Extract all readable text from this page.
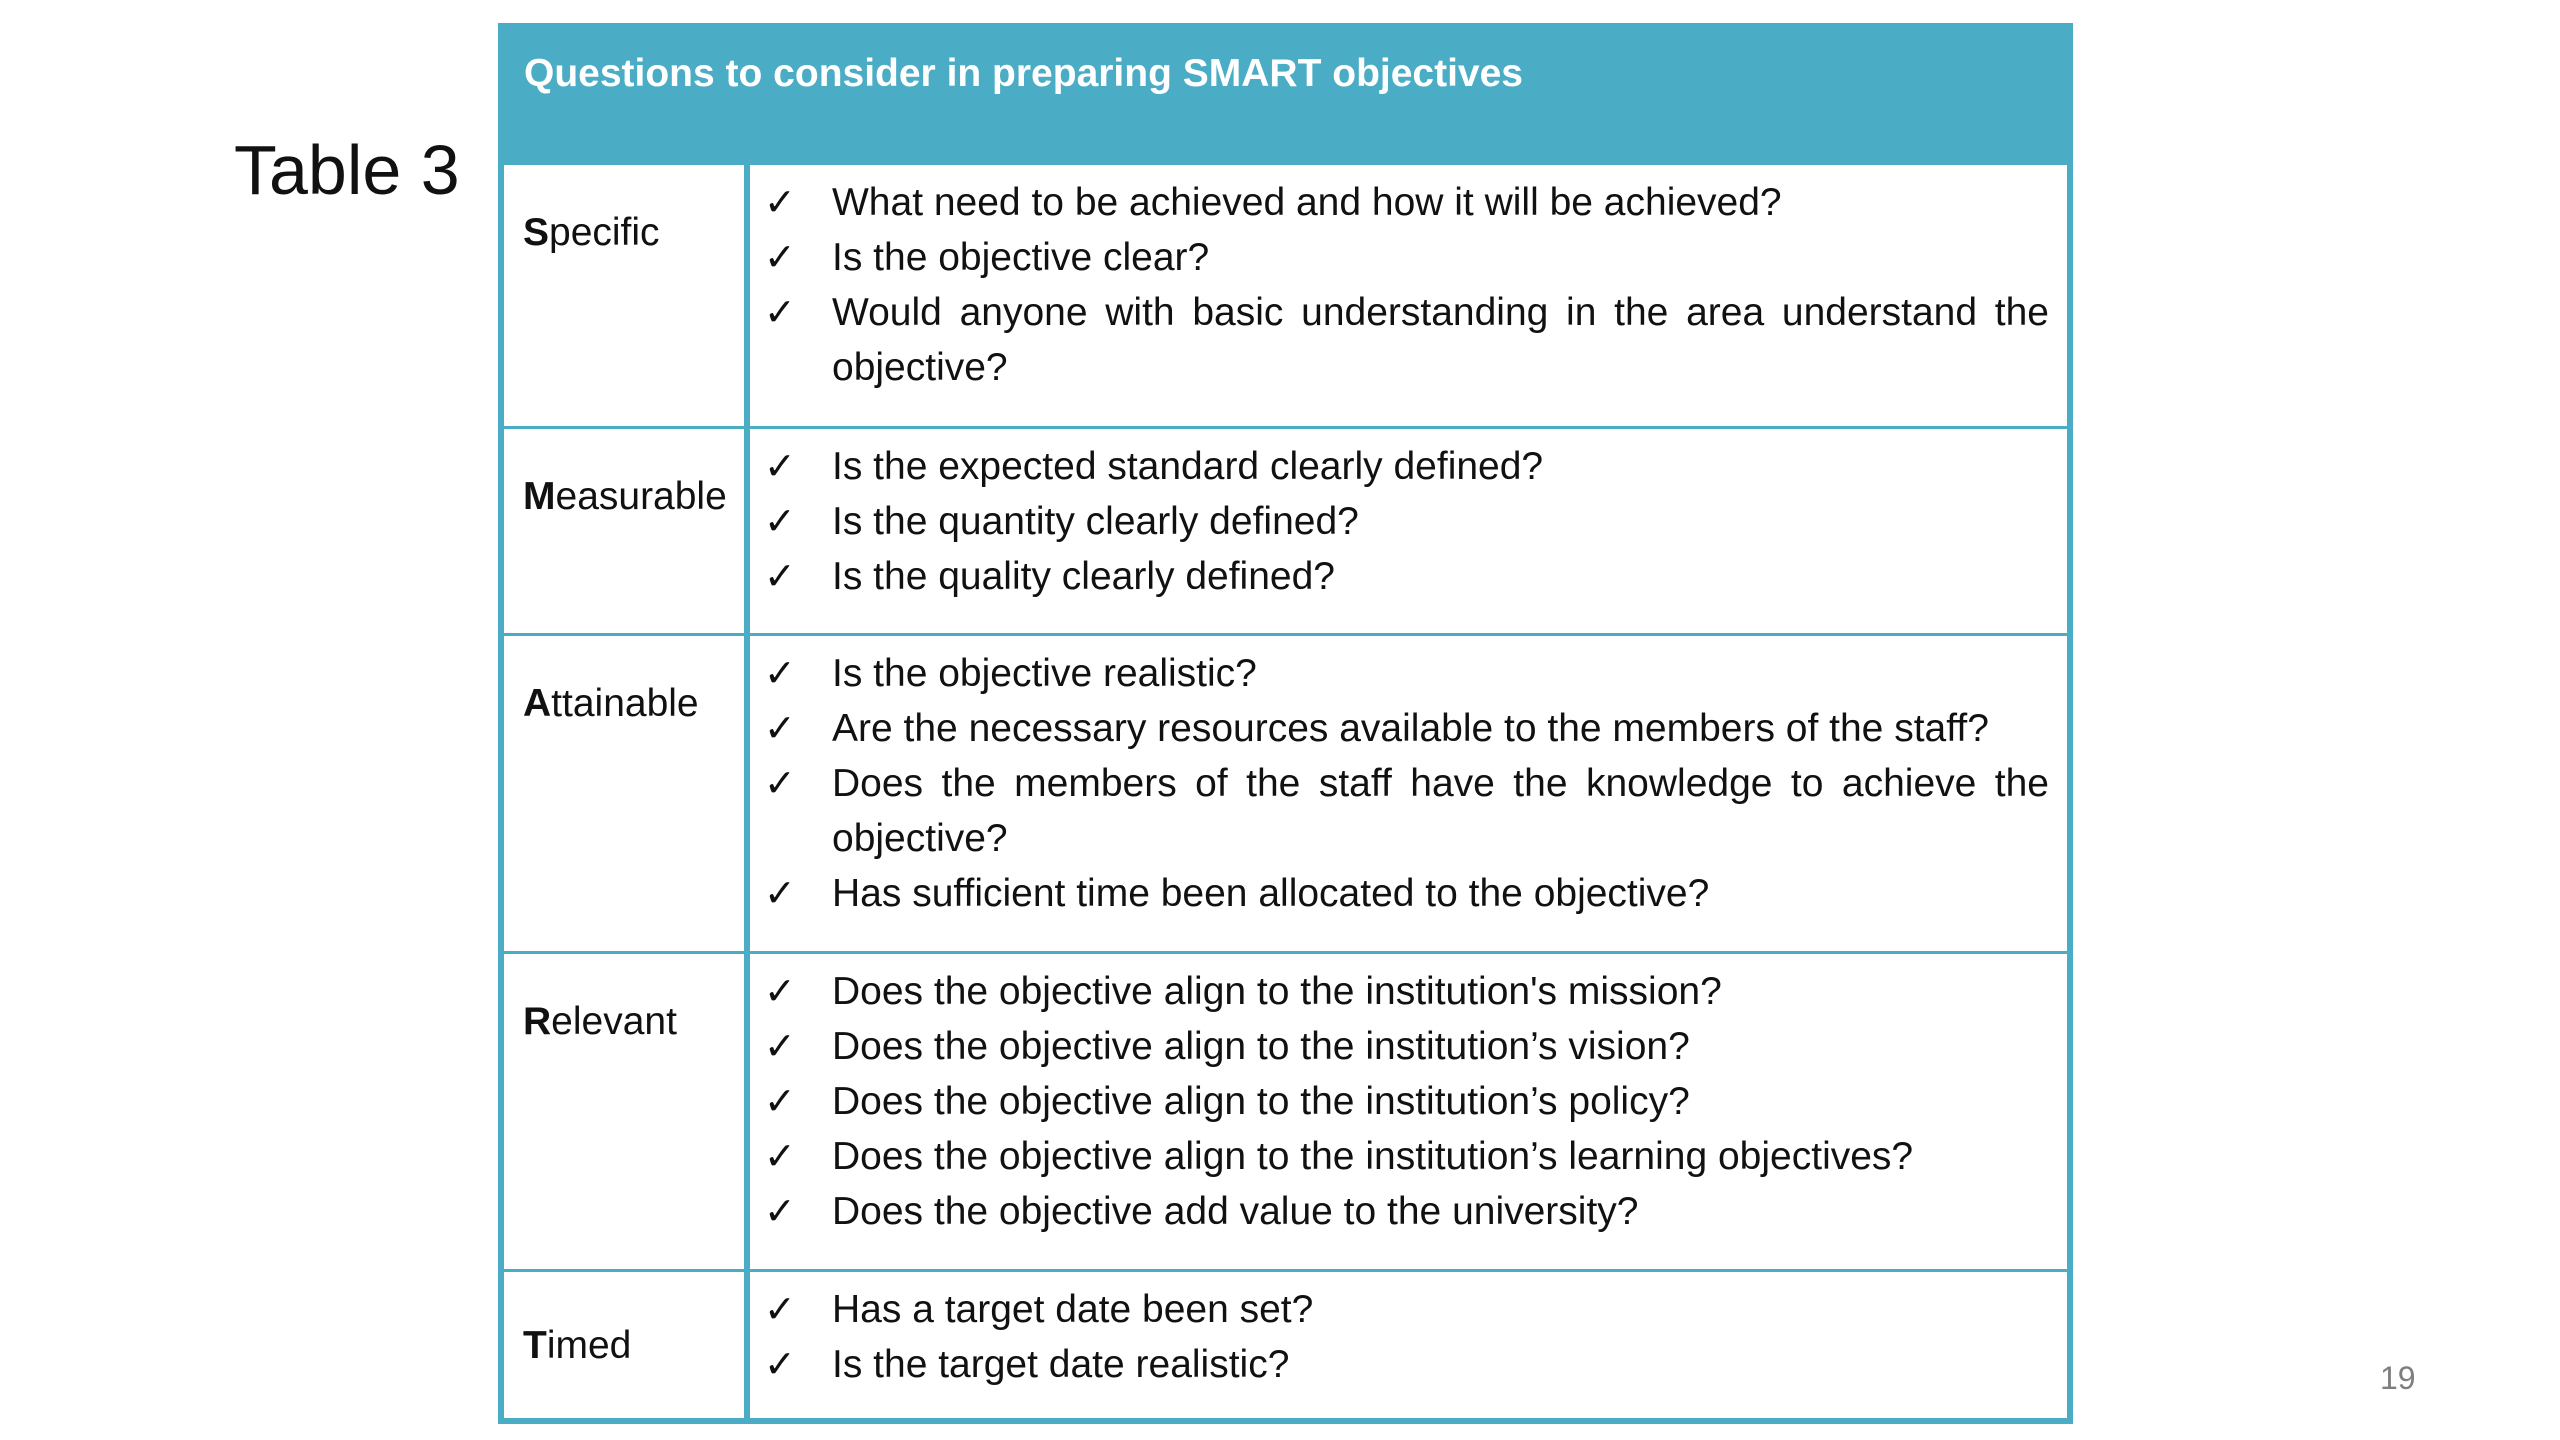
Table 3
Questions to consider in preparing SMART objectives
Specific
✓ What need to be achieved and how it will be achieved?
✓ Is the objective clear?
✓ Would anyone with basic understanding in the area understand the objective?
Measurable
✓ Is the expected standard clearly defined?
✓ Is the quantity clearly defined?
✓ Is the quality clearly defined?
Attainable
✓ Is the objective realistic?
✓ Are the necessary resources available to the members of the staff?
✓ Does the members of the staff have the knowledge to achieve the objective?
✓ Has sufficient time been allocated to the objective?
Relevant
✓ Does the objective align to the institution's mission?
✓ Does the objective align to the institution’s vision?
✓ Does the objective align to the institution’s policy?
✓ Does the objective align to the institution’s learning objectives?
✓ Does the objective add value to the university?
Timed
✓ Has a target date been set?
✓ Is the target date realistic?	19
